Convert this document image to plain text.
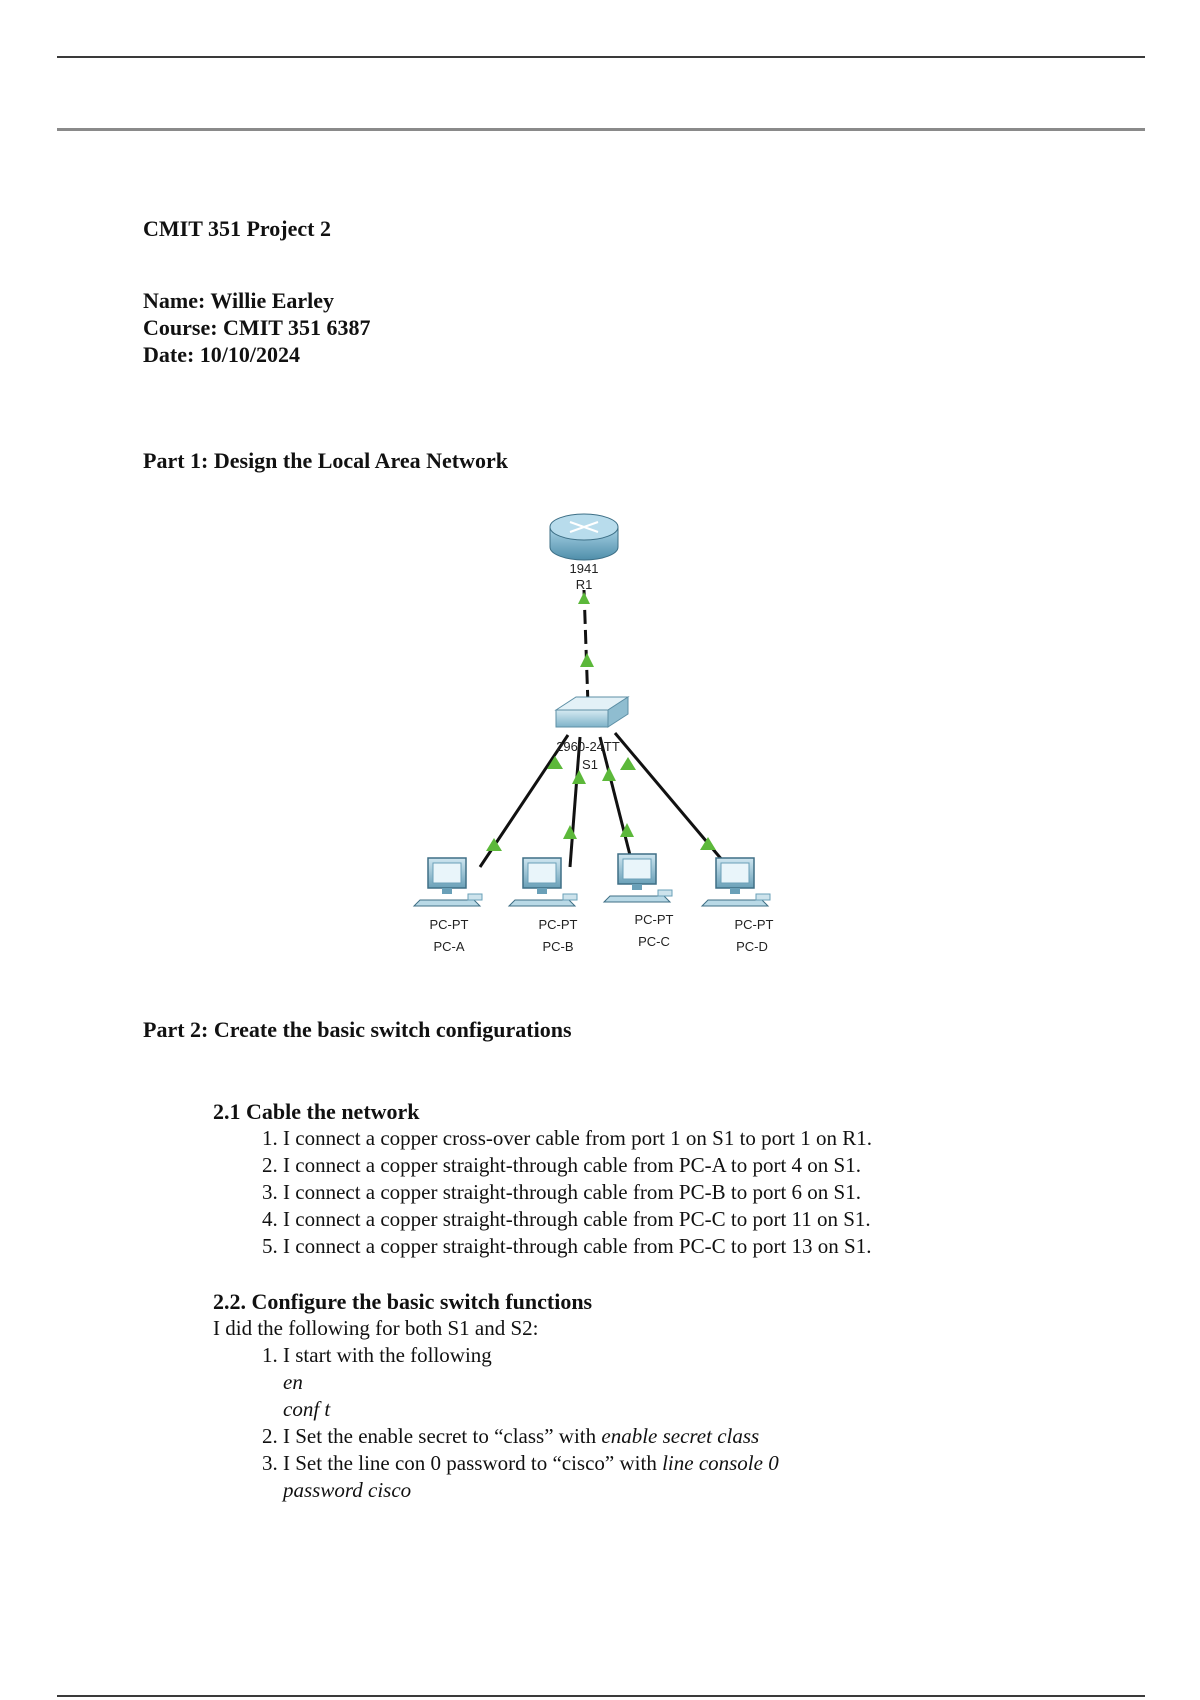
CMIT 351 Project 2
Name: Willie Earley
Course: CMIT 351 6387
Date: 10/10/2024
Part 1: Design the Local Area Network
1941
R1
2960-24TT
S1
PC-PT
PC-A
PC-PT
PC-B
PC-PT
PC-C
PC-PT
PC-D
Part 2: Create the basic switch configurations
2.1 Cable the network
1. I connect a copper cross-over cable from port 1 on S1 to port 1 on R1.
2. I connect a copper straight-through cable from PC-A to port 4 on S1.
3. I connect a copper straight-through cable from PC-B to port 6 on S1.
4. I connect a copper straight-through cable from PC-C to port 11 on S1.
5. I connect a copper straight-through cable from PC-C to port 13 on S1.
2.2. Configure the basic switch functions

I did the following for both S1 and S2:

1. I start with the following
en
conf t
2. I Set the enable secret to “class” with enable secret class
3. I Set the line con 0 password to “cisco” with line console 0 password cisco
